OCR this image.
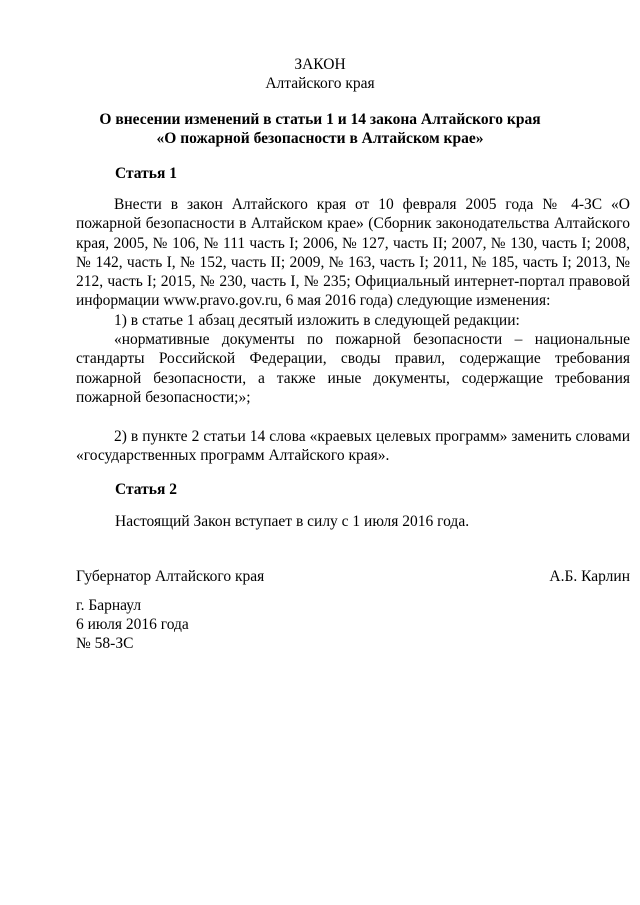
ЗАКОН
Алтайского края
О внесении изменений в статьи 1 и 14 закона Алтайского края
«О пожарной безопасности в Алтайском крае»
Статья 1

Внести в закон Алтайского края от 10 февраля 2005 года № 4-ЗС «О пожарной безопасности в Алтайском крае» (Сборник законодательства Алтайского края, 2005, № 106, № 111 часть I; 2006, № 127, часть II; 2007, № 130, часть I; 2008, № 142, часть I, № 152, часть II; 2009, № 163, часть I; 2011, № 185, часть I; 2013, № 212, часть I; 2015, № 230, часть I, № 235; Официальный интернет-портал правовой информации www.pravo.gov.ru, 6 мая 2016 года) следующие изменения:

1) в статье 1 абзац десятый изложить в следующей редакции:

«нормативные документы по пожарной безопасности – национальные стандарты Российской Федерации, своды правил, содержащие требования пожарной безопасности, а также иные документы, содержащие требования пожарной безопасности;»;

2) в пункте 2 статьи 14 слова «краевых целевых программ» заменить словами «государственных программ Алтайского края».

Статья 2
Настоящий Закон вступает в силу с 1 июля 2016 года.
Губернатор Алтайского края	А.Б. Карлин
г. Барнаул
6 июля 2016 года
№ 58-ЗС
